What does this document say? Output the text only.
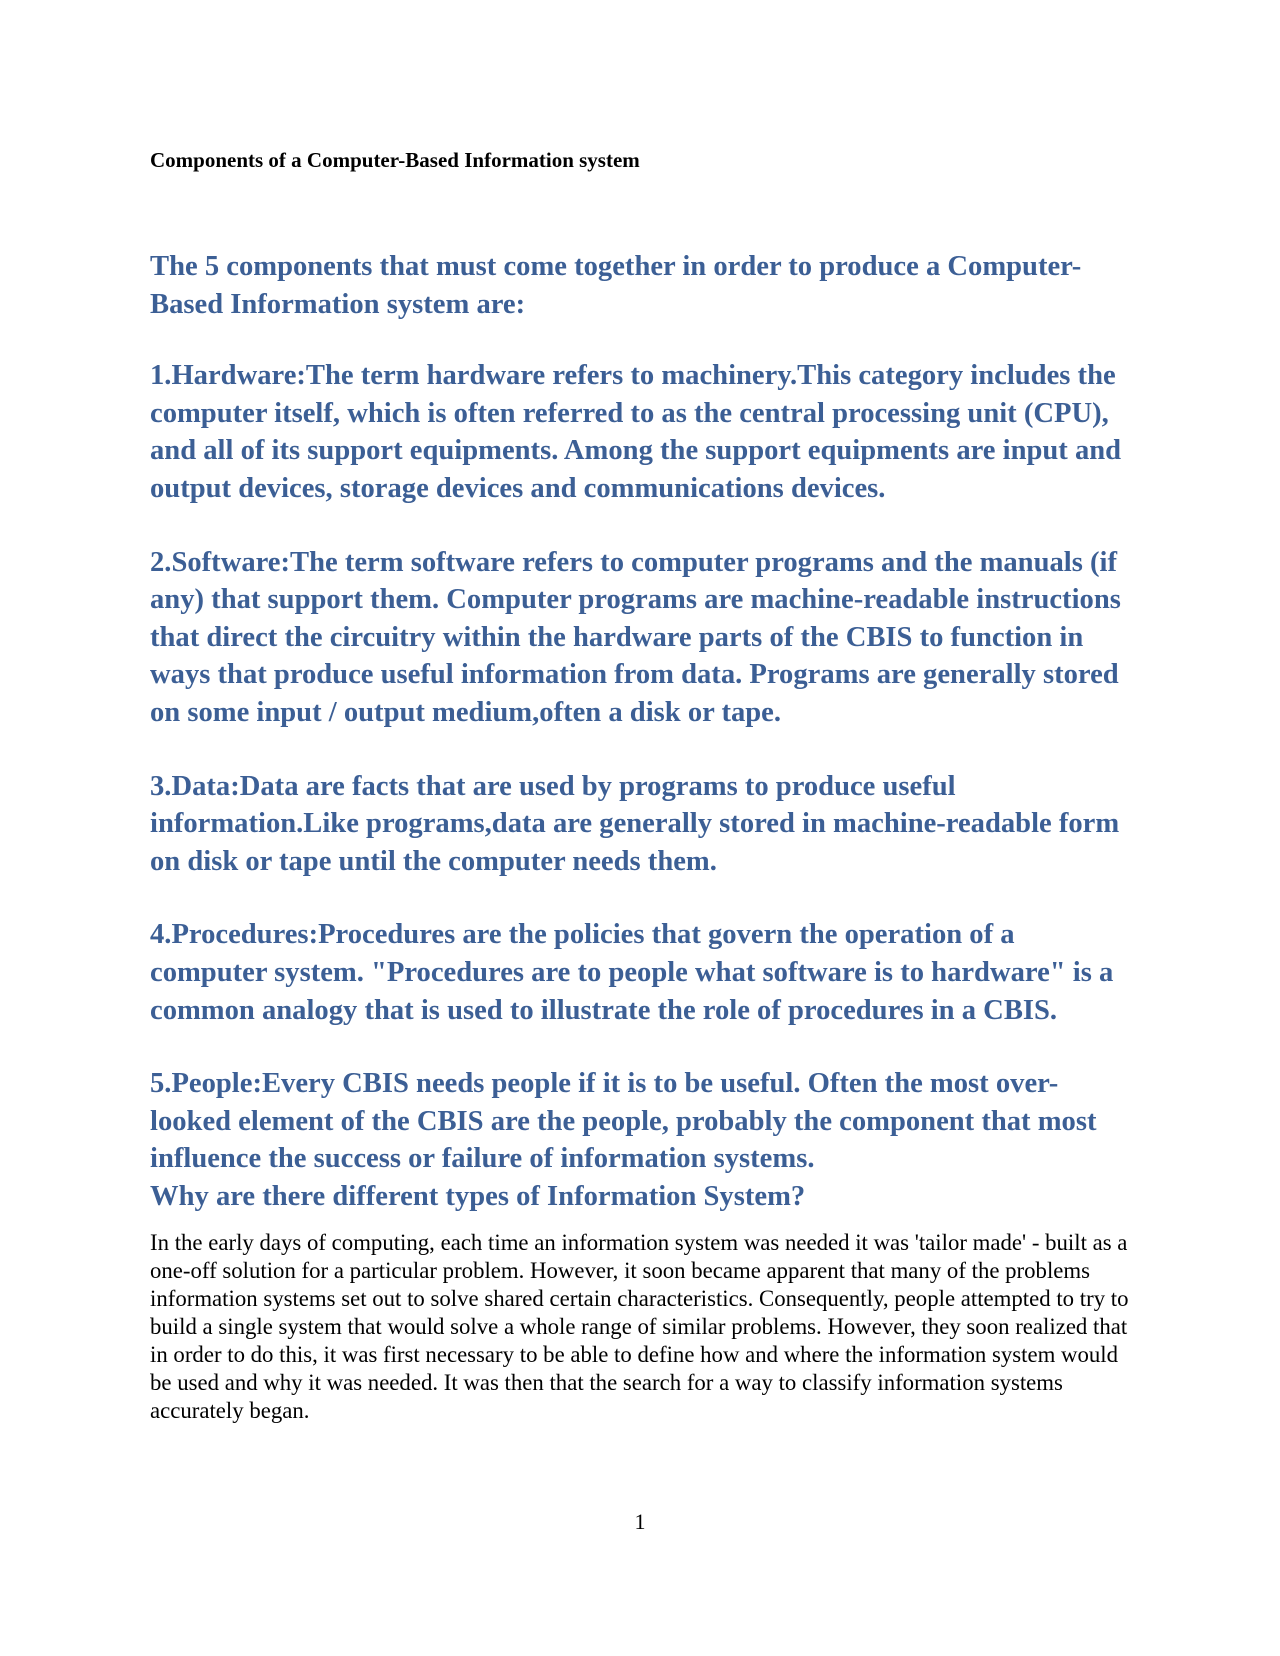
Components of a Computer-Based Information system

The 5 components that must come together in order to produce a Computer-Based Information system are:

1.Hardware:The term hardware refers to machinery.This category includes the computer itself, which is often referred to as the central processing unit (CPU), and all of its support equipments. Among the support equipments are input and output devices, storage devices and communications devices.

2.Software:The term software refers to computer programs and the manuals (if any) that support them. Computer programs are machine-readable instructions that direct the circuitry within the hardware parts of the CBIS to function in ways that produce useful information from data. Programs are generally stored on some input / output medium,often a disk or tape.

3.Data:Data are facts that are used by programs to produce useful information.Like programs,data are generally stored in machine-readable form on disk or tape until the computer needs them.

4.Procedures:Procedures are the policies that govern the operation of a computer system. "Procedures are to people what software is to hardware" is a common analogy that is used to illustrate the role of procedures in a CBIS.

5.People:Every CBIS needs people if it is to be useful. Often the most over-looked element of the CBIS are the people, probably the component that most influence the success or failure of information systems.

Why are there different types of Information System?

In the early days of computing, each time an information system was needed it was 'tailor made' - built as a one-off solution for a particular problem. However, it soon became apparent that many of the problems information systems set out to solve shared certain characteristics. Consequently, people attempted to try to build a single system that would solve a whole range of similar problems. However, they soon realized that in order to do this, it was first necessary to be able to define how and where the information system would be used and why it was needed. It was then that the search for a way to classify information systems accurately began.

1
